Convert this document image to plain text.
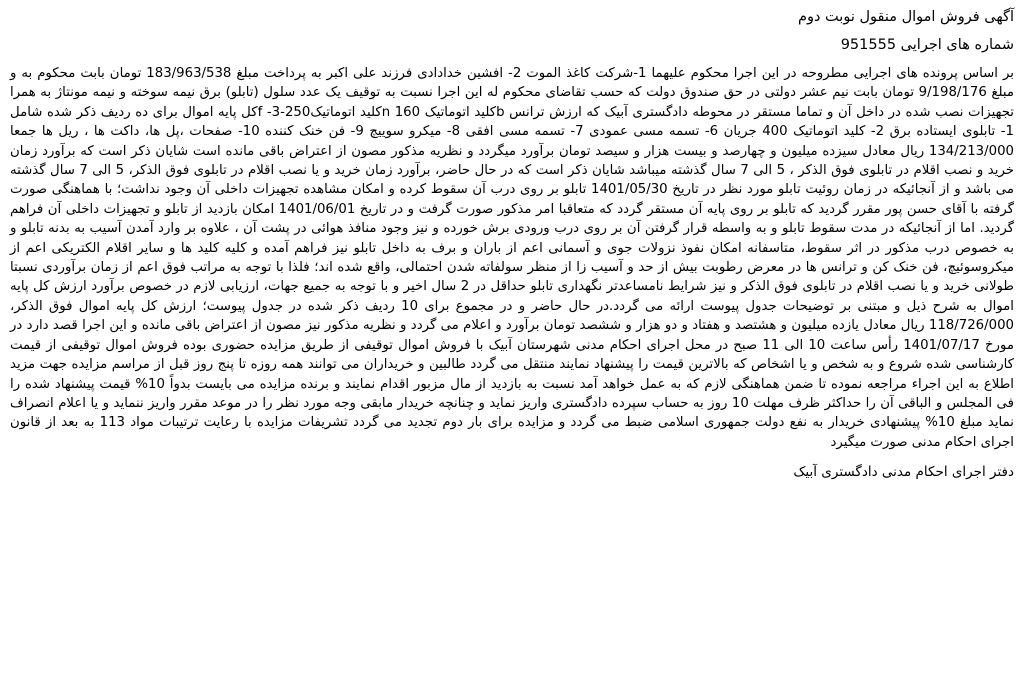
آگهی فروش اموال منقول نوبت دوم
شماره های اجرایی 951555

بر اساس پرونده های اجرایی مطروحه در این اجرا محکوم علیهما 1-شرکت کاغذ الموت 2- افشین خدادادی فرزند علی اکبر به پرداخت مبلغ 183/963/538 تومان بابت محکوم به و مبلغ 9/198/176 تومان بابت نیم عشر دولتی در حق صندوق دولت که حسب تقاضای محکوم له این اجرا نسبت به توقیف یک عدد سلول (تابلو) برق نیمه سوخته و نیمه مونتاژ به همرا تجهیزات نصب شده در داخل آن و تماما مستقر در محوطه دادگستری آبیک که ارزش ترانس bکلید اتوماتیک 160 nکلید اتوماتیک250-3- fکل پایه اموال برای ده ردیف ذکر شده شامل 1- تابلوی ایستاده برق 2- کلید اتوماتیک 400 جریان 6- تسمه مسی عمودی 7- تسمه مسی افقی 8- میکرو سوییچ 9- فن خنک کننده 10- صفحات ،پل ها، داکت ها ، ریل ها جمعا 134/213/000 ریال معادل سیزده میلیون و چهارصد و بیست هزار و سیصد تومان برآورد میگردد و نظریه مذکور مصون از اعتراض باقی مانده است شایان ذکر است که برآورد زمان خرید و نصب اقلام در تابلوی فوق الذکر ، 5 الی 7 سال گذشته میباشد شایان ذکر است که در حال حاضر، برآورد زمان خرید و یا نصب اقلام در تابلوی فوق الذکر، 5 الی 7 سال گذشته می باشد و از آنجائیکه در زمان روئیت تابلو مورد نظر در تاریخ 1401/05/30 تابلو بر روی درب آن سقوط کرده و امکان مشاهده تجهیزات داخلی آن وجود نداشت؛ با هماهنگی صورت گرفته با آقای حسن پور مقرر گردید که تابلو بر روی پایه آن مستقر گردد که متعاقبا امر مذکور صورت گرفت و در تاریخ 1401/06/01 امکان بازدید از تابلو و تجهیزات داخلی آن فراهم گردید. اما از آنجائیکه در مدت سقوط تابلو و به واسطه قرار گرفتن آن بر روی درب ورودی برش خورده و نیز وجود منافذ هوائی در پشت آن ، علاوه بر وارد آمدن آسیب به بدنه تابلو و به خصوص درب مذکور در اثر سقوط، متاسفانه امکان نفوذ نزولات جوی و آسمانی اعم از باران و برف به داخل تابلو نیز فراهم آمده و کلیه کلید ها و سایر اقلام الکتریکی اعم از میکروسوئیچ، فن خنک کن و ترانس ها در معرض رطوبت بیش از حد و آسیب زا از منظر سولفاته شدن احتمالی، واقع شده اند؛ فلذا با توجه به مراتب فوق اعم از زمان برآوردی نسبتا طولانی خرید و یا نصب اقلام در تابلوی فوق الذکر و نیز شرایط نامساعدتر نگهداری تابلو حداقل در 2 سال اخیر و با توجه به جمیع جهات، ارزیابی لازم در خصوص برآورد ارزش کل پایه اموال به شرح ذیل و مبتنی بر توضیحات جدول پیوست ارائه می گردد.در حال حاضر و در مجموع برای 10 ردیف ذکر شده در جدول پیوست؛ ارزش کل پایه اموال فوق الذکر، 118/726/000 ریال معادل یازده میلیون و هشتصد و هفتاد و دو هزار و ششصد تومان برآورد و اعلام می گردد و نظریه مذکور نیز مصون از اعتراض باقی مانده و این اجرا قصد دارد در مورخ 1401/07/17 رأس ساعت 10 الی 11 صبح در محل اجرای احکام مدنی شهرستان آبیک با فروش اموال توقیفی از طریق مزایده حضوری بوده فروش اموال توقیفی از قیمت کارشناسی شده شروع و به شخص و یا اشخاص که بالاترین قیمت را پیشنهاد نمایند منتقل می گردد طالبین و خریداران می توانند همه روزه تا پنج روز قبل از مراسم مزایده جهت مزید اطلاع به این اجراء مراجعه نموده تا ضمن هماهنگی لازم که به عمل خواهد آمد نسبت به بازدید از مال مزبور اقدام نمایند و برنده مزایده می بایست بدواً 10% قیمت پیشنهاد شده را فی المجلس و الباقی آن را حداکثر ظرف مهلت 10 روز به حساب سپرده دادگستری واریز نماید و چنانچه خریدار مابقی وجه مورد نظر را در موعد مقرر واریز ننماید و یا اعلام انصراف نماید مبلغ 10% پیشنهادی خریدار به نفع دولت جمهوری اسلامی ضبط می گردد و مزایده برای بار دوم تجدید می گردد تشریفات مزایده با رعایت ترتیبات مواد 113 به بعد از قانون اجرای احکام مدنی صورت میگیرد

دفتر اجرای احکام مدنی دادگستری آبیک
